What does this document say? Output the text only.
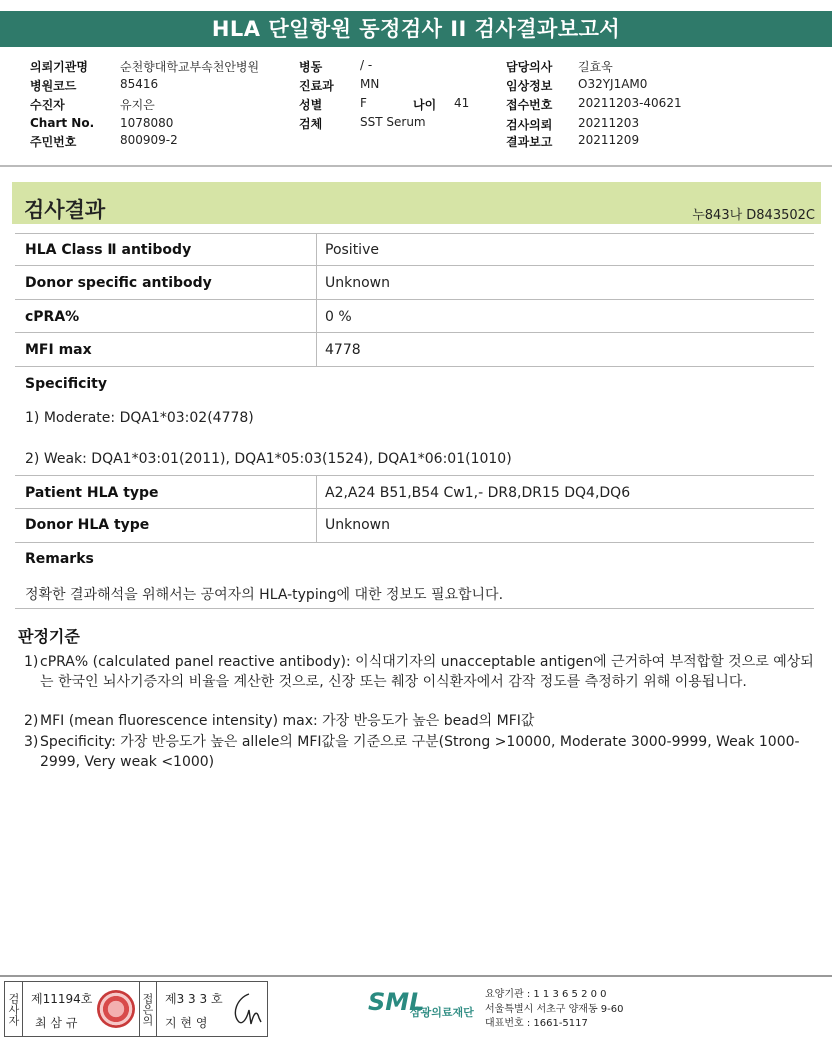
HLA 단일항원 동정검사 II 검사결과보고서
의뢰기관명	순천향대학교부속천안병원
병원코드	85416
수진자	유지은
Chart No. 1078080
주민번호	800909-2
병동	/ -
진료과 MN
성별	F	나이 41
검체	SST Serum
담당의사 길효욱
임상정보 O32YJ1AM0
접수번호 20211203-40621
검사의뢰 20211203
결과보고 20211209
검사결과	누843나 D843502C
HLA Class Ⅱ antibody	Positive
Donor specific antibody	Unknown
cPRA%	0 %
MFI max	4778
Specificity
1) Moderate: DQA1*03:02(4778)
2) Weak: DQA1*03:01(2011), DQA1*05:03(1524), DQA1*06:01(1010)
Patient HLA type	A2,A24 B51,B54 Cw1,- DR8,DR15 DQ4,DQ6
Donor HLA type	Unknown
Remarks
정확한 결과해석을 위해서는 공여자의 HLA-typing에 대한 정보도 필요합니다.
판정기준
1) cPRA% (calculated panel reactive antibody): 이식대기자의 unacceptable antigen에 근거하여 부적합할 것으로 예상되는 한국인 뇌사기증자의 비율을 계산한 것으로, 신장 또는 췌장 이식환자에서 감작 정도를 측정하기 위해 이용됩니다.
2) MFI (mean fluorescence intensity) max: 가장 반응도가 높은 bead의 MFI값
3) Specificity: 가장 반응도가 높은 allele의 MFI값을 기준으로 구분(Strong >10000, Moderate 3000-9999, Weak 1000-2999, Very weak <1000)
검사자 제11194호
최 삼 규	접은의 제3 3 3 호
지 현 영
SML
삼광의료재단
요양기관 : 1 1 3 6 5 2 0 0
서울특별시 서초구 양재동 9-60
대표번호 : 1661-5117
